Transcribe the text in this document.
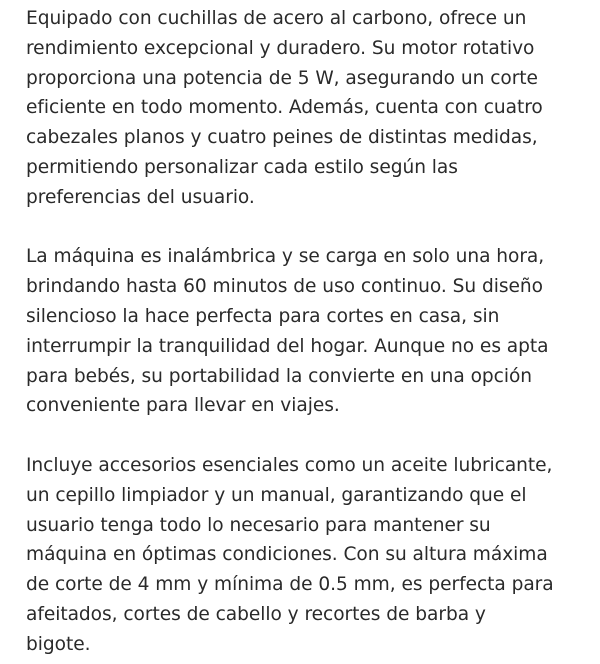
Equipado con cuchillas de acero al carbono, ofrece un
rendimiento excepcional y duradero. Su motor rotativo
proporciona una potencia de 5 W, asegurando un corte
eficiente en todo momento. Además, cuenta con cuatro
cabezales planos y cuatro peines de distintas medidas,
permitiendo personalizar cada estilo según las
preferencias del usuario.

La máquina es inalámbrica y se carga en solo una hora,
brindando hasta 60 minutos de uso continuo. Su diseño
silencioso la hace perfecta para cortes en casa, sin
interrumpir la tranquilidad del hogar. Aunque no es apta
para bebés, su portabilidad la convierte en una opción
conveniente para llevar en viajes.

Incluye accesorios esenciales como un aceite lubricante,
un cepillo limpiador y un manual, garantizando que el
usuario tenga todo lo necesario para mantener su
máquina en óptimas condiciones. Con su altura máxima
de corte de 4 mm y mínima de 0.5 mm, es perfecta para
afeitados, cortes de cabello y recortes de barba y
bigote.
